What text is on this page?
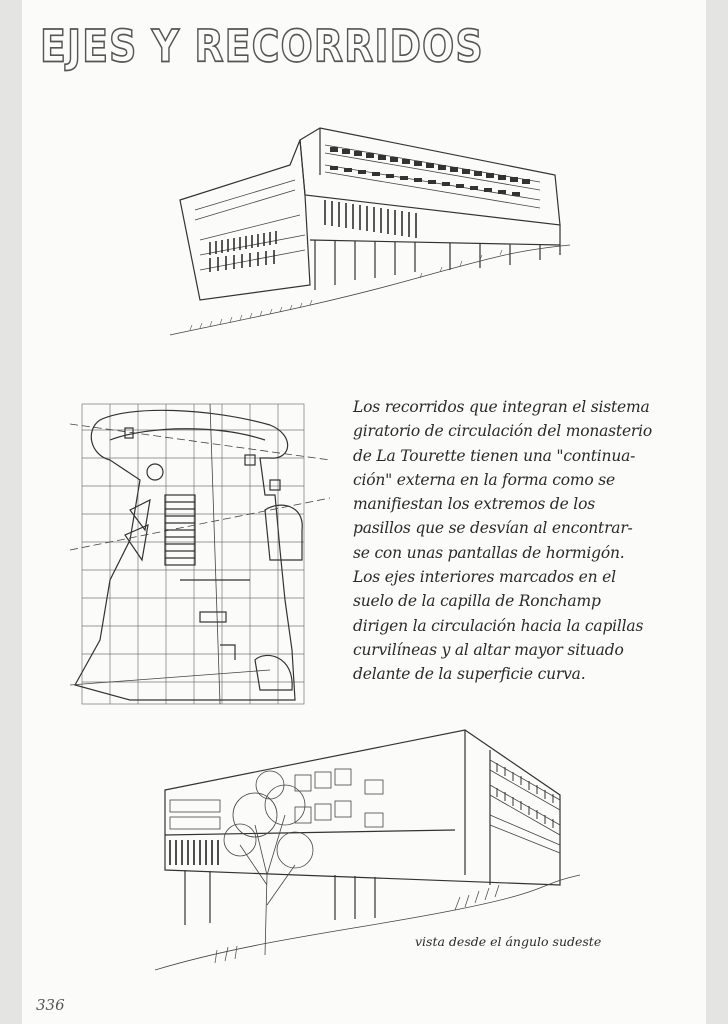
EJES Y RECORRIDOS

Los recorridos que integran el sistema
giratorio de circulación del monasterio
de La Tourette tienen una "continua-
ción" externa en la forma como se
manifiestan los extremos de los
pasillos que se desvían al encontrar-
se con unas pantallas de hormigón.
Los ejes interiores marcados en el
suelo de la capilla de Ronchamp
dirigen la circulación hacia la capillas
curvilíneas y al altar mayor situado
delante de la superficie curva.

vista desde el ángulo sudeste

336
